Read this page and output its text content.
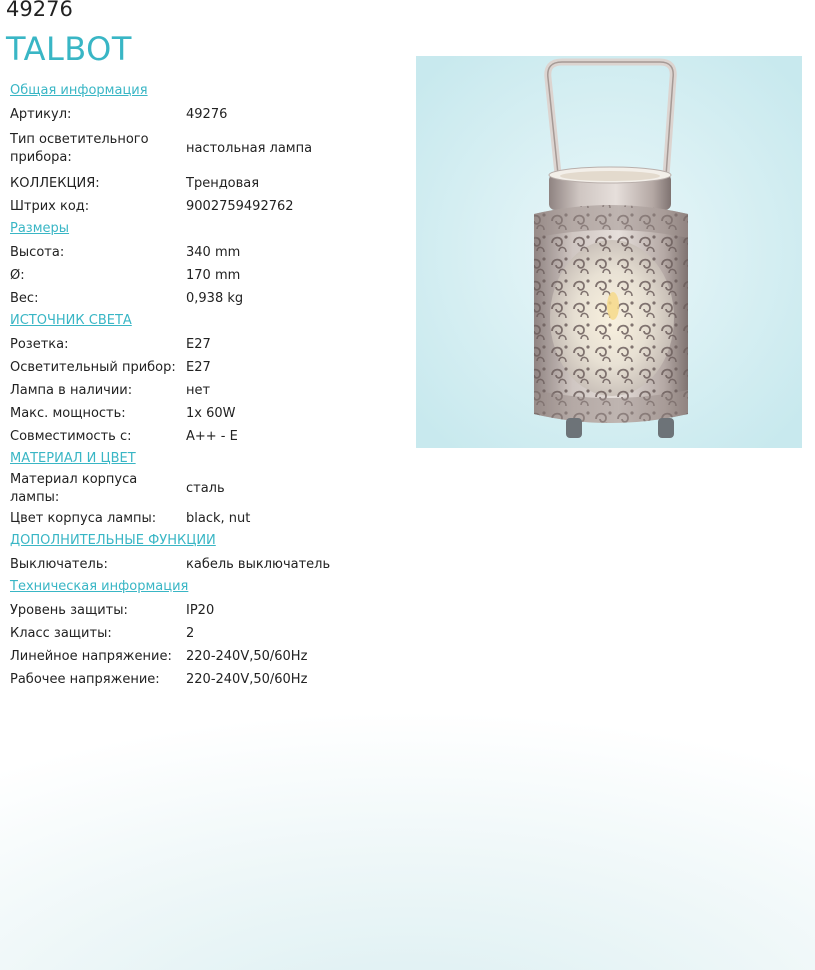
49276
TALBOT
Общая информация
Артикул:	49276
Тип осветительного прибора:
настольная лампа
КОЛЛЕКЦИЯ:	Трендовая
Штрих код:	9002759492762
Размеры
Высота:	340 mm
Ø:	170 mm
Вес:	0,938 kg
ИСТОЧНИК СВЕТА
Розетка:	E27
Осветительный прибор: E27
Лампа в наличии:	нет
Макс. мощность:	1x 60W
Совместимость с:	A++ - E
МАТЕРИАЛ И ЦВЕТ
Материал корпуса лампы:
сталь
Цвет корпуса лампы:	black, nut
ДОПОЛНИТЕЛЬНЫЕ ФУНКЦИИ
Выключатель:	кабель выключатель
Техническая информация
Уровень защиты:	IP20
Класс защиты:	2
Линейное напряжение:	220-240V,50/60Hz
Рабочее напряжение:	220-240V,50/60Hz
